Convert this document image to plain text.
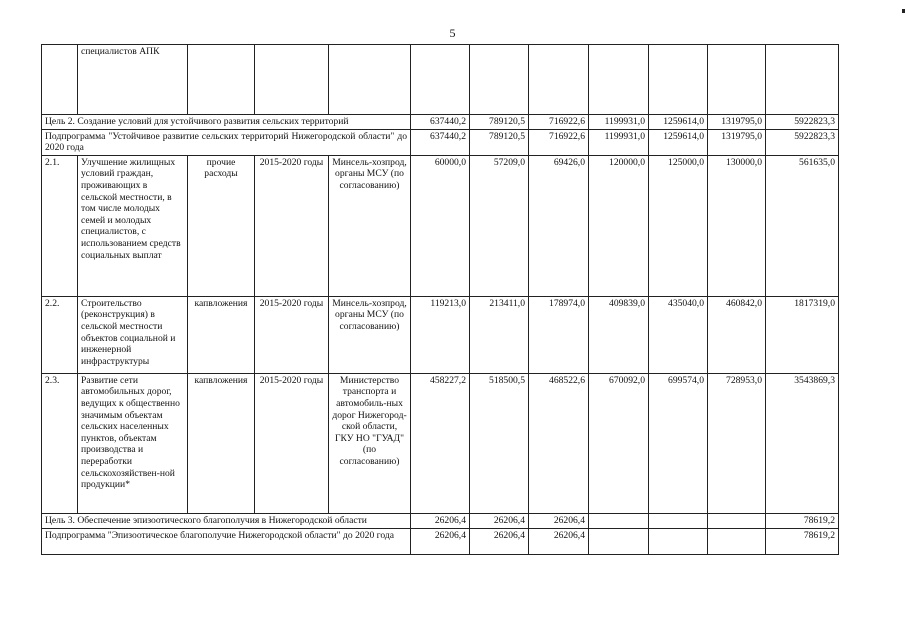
5
	специалистов АПК										
Цель 2. Создание условий для устойчивого развития сельских территорий					637440,2	789120,5	716922,6	1199931,0	1259614,0	1319795,0	5922823,3
Подпрограмма "Устойчивое развитие сельских территорий Нижегородской области" до 2020 года					637440,2	789120,5	716922,6	1199931,0	1259614,0	1319795,0	5922823,3
2.1.	Улучшение жилищных условий граждан, проживающих в сельской местности, в том числе молодых семей и молодых специалистов, с использованием средств социальных выплат	прочие расходы	2015-2020 годы	Минсель-хозпрод, органы МСУ (по согласованию)	60000,0	57209,0	69426,0	120000,0	125000,0	130000,0	561635,0
2.2.	Строительство (реконструкция) в сельской местности объектов социальной и инженерной инфраструктуры	капвложения	2015-2020 годы	Минсель-хозпрод, органы МСУ (по согласованию)	119213,0	213411,0	178974,0	409839,0	435040,0	460842,0	1817319,0
2.3.	Развитие сети автомобильных дорог, ведущих к общественно значимым объектам сельских населенных пунктов, объектам производства и переработки сельскохозяйствен-ной продукции*	капвложения	2015-2020 годы	Министерство транспорта и автомобиль-ных дорог Нижегород-ской области, ГКУ НО "ГУАД" (по согласованию)	458227,2	518500,5	468522,6	670092,0	699574,0	728953,0	3543869,3
Цель 3. Обеспечение эпизоотического благополучия в Нижегородской области					26206,4	26206,4	26206,4				78619,2
Подпрограмма "Эпизоотическое благополучие Нижегородской области" до 2020 года					26206,4	26206,4	26206,4				78619,2
